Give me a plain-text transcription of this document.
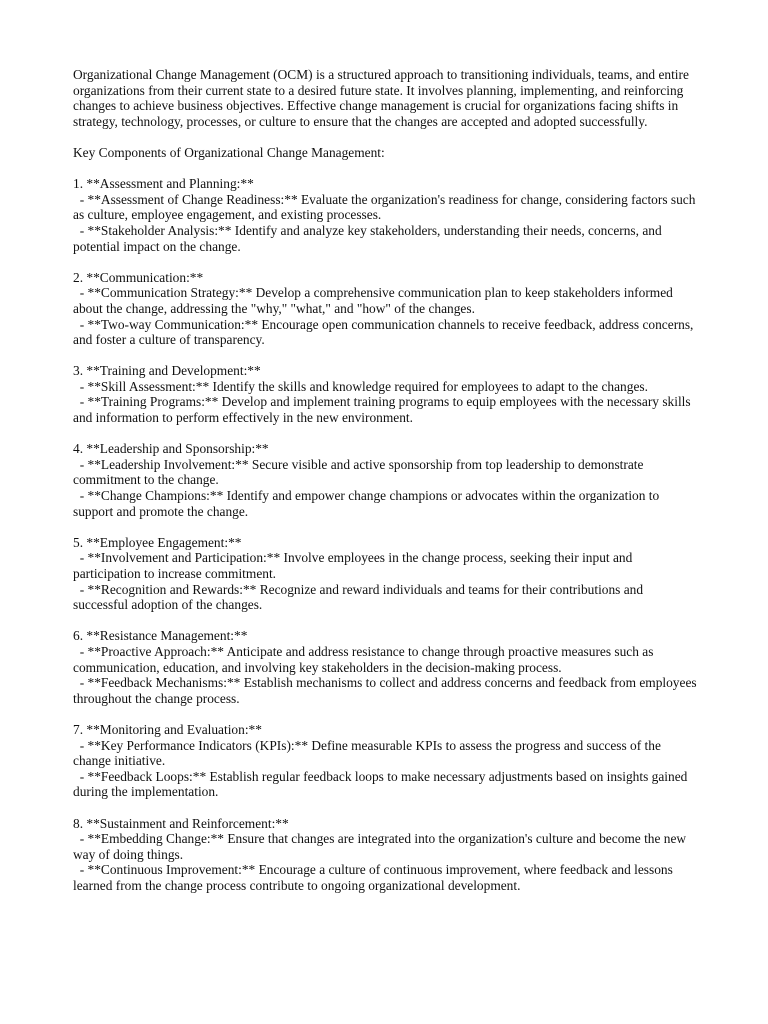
Organizational Change Management (OCM) is a structured approach to transitioning individuals, teams, and entire organizations from their current state to a desired future state. It involves planning, implementing, and reinforcing changes to achieve business objectives. Effective change management is crucial for organizations facing shifts in strategy, technology, processes, or culture to ensure that the changes are accepted and adopted successfully.

Key Components of Organizational Change Management:

1. **Assessment and Planning:**

- **Assessment of Change Readiness:** Evaluate the organization's readiness for change, considering factors such as culture, employee engagement, and existing processes.

- **Stakeholder Analysis:** Identify and analyze key stakeholders, understanding their needs, concerns, and potential impact on the change.

2. **Communication:**

- **Communication Strategy:** Develop a comprehensive communication plan to keep stakeholders informed about the change, addressing the "why," "what," and "how" of the changes.

- **Two-way Communication:** Encourage open communication channels to receive feedback, address concerns, and foster a culture of transparency.

3. **Training and Development:**

- **Skill Assessment:** Identify the skills and knowledge required for employees to adapt to the changes.

- **Training Programs:** Develop and implement training programs to equip employees with the necessary skills and information to perform effectively in the new environment.

4. **Leadership and Sponsorship:**

- **Leadership Involvement:** Secure visible and active sponsorship from top leadership to demonstrate commitment to the change.

- **Change Champions:** Identify and empower change champions or advocates within the organization to support and promote the change.

5. **Employee Engagement:**

- **Involvement and Participation:** Involve employees in the change process, seeking their input and participation to increase commitment.

- **Recognition and Rewards:** Recognize and reward individuals and teams for their contributions and successful adoption of the changes.

6. **Resistance Management:**

- **Proactive Approach:** Anticipate and address resistance to change through proactive measures such as communication, education, and involving key stakeholders in the decision-making process.

- **Feedback Mechanisms:** Establish mechanisms to collect and address concerns and feedback from employees throughout the change process.

7. **Monitoring and Evaluation:**

- **Key Performance Indicators (KPIs):** Define measurable KPIs to assess the progress and success of the change initiative.

- **Feedback Loops:** Establish regular feedback loops to make necessary adjustments based on insights gained during the implementation.

8. **Sustainment and Reinforcement:**

- **Embedding Change:** Ensure that changes are integrated into the organization's culture and become the new way of doing things.

- **Continuous Improvement:** Encourage a culture of continuous improvement, where feedback and lessons learned from the change process contribute to ongoing organizational development.
